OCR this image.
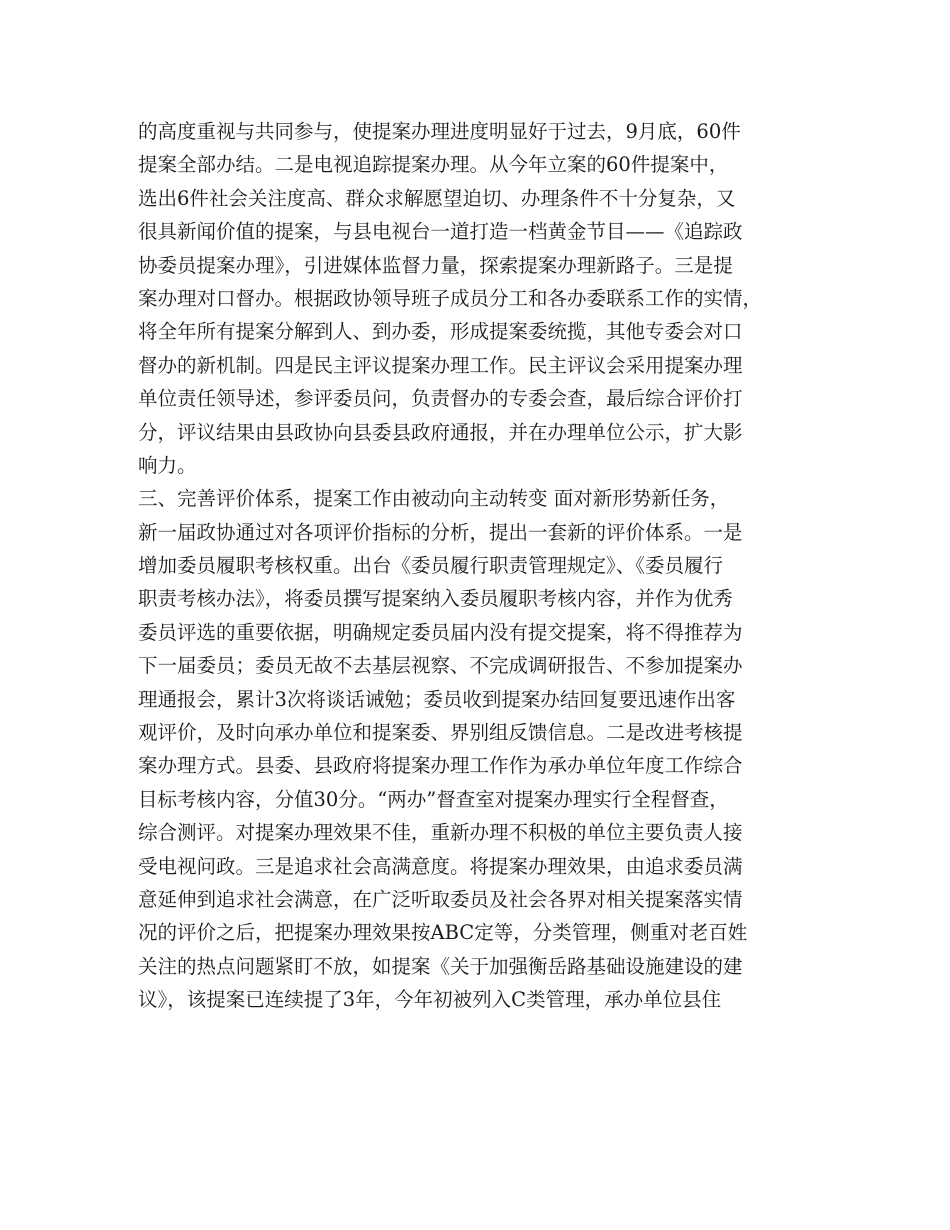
的高度重视与共同参与，使提案办理进度明显好于过去，9月底，60件
提案全部办结。二是电视追踪提案办理。从今年立案的60件提案中，
选出6件社会关注度高、群众求解愿望迫切、办理条件不十分复杂，又
很具新闻价值的提案，与县电视台一道打造一档黄金节目——《追踪政
协委员提案办理》，引进媒体监督力量，探索提案办理新路子。三是提
案办理对口督办。根据政协领导班子成员分工和各办委联系工作的实情，
将全年所有提案分解到人、到办委，形成提案委统揽，其他专委会对口
督办的新机制。四是民主评议提案办理工作。民主评议会采用提案办理
单位责任领导述，参评委员问，负责督办的专委会查，最后综合评价打
分，评议结果由县政协向县委县政府通报，并在办理单位公示，扩大影
响力。
三、完善评价体系，提案工作由被动向主动转变 面对新形势新任务，
新一届政协通过对各项评价指标的分析，提出一套新的评价体系。一是
增加委员履职考核权重。出台《委员履行职责管理规定》、《委员履行
职责考核办法》，将委员撰写提案纳入委员履职考核内容，并作为优秀
委员评选的重要依据，明确规定委员届内没有提交提案，将不得推荐为
下一届委员；委员无故不去基层视察、不完成调研报告、不参加提案办
理通报会，累计3次将谈话诫勉；委员收到提案办结回复要迅速作出客
观评价，及时向承办单位和提案委、界别组反馈信息。二是改进考核提
案办理方式。县委、县政府将提案办理工作作为承办单位年度工作综合
目标考核内容，分值30分。“两办”督查室对提案办理实行全程督查，
综合测评。对提案办理效果不佳，重新办理不积极的单位主要负责人接
受电视问政。三是追求社会高满意度。将提案办理效果，由追求委员满
意延伸到追求社会满意，在广泛听取委员及社会各界对相关提案落实情
况的评价之后，把提案办理效果按ABC定等，分类管理，侧重对老百姓
关注的热点问题紧盯不放，如提案《关于加强衡岳路基础设施建设的建
议》，该提案已连续提了3年，今年初被列入C类管理，承办单位县住
